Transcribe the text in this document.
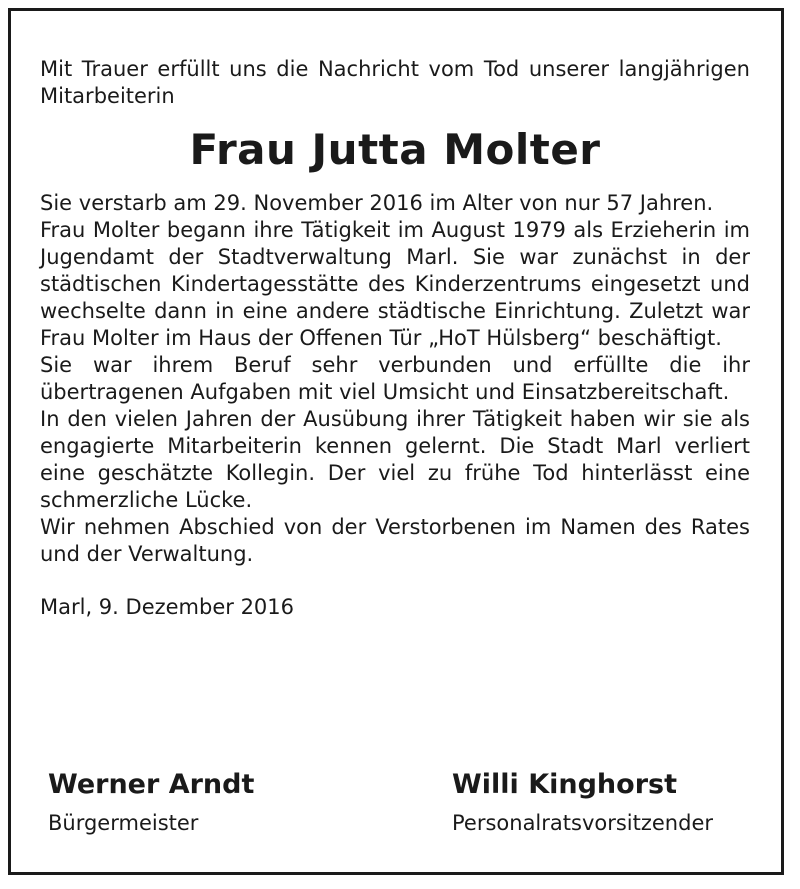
Mit Trauer erfüllt uns die Nachricht vom Tod unserer langjährigen Mitarbeiterin

Frau Jutta Molter

Sie verstarb am 29. November 2016 im Alter von nur 57 Jahren.

Frau Molter begann ihre Tätigkeit im August 1979 als Erzieherin im Jugendamt der Stadtverwaltung Marl. Sie war zunächst in der städtischen Kindertagesstätte des Kinderzentrums eingesetzt und wechselte dann in eine andere städtische Einrichtung. Zuletzt war Frau Molter im Haus der Offenen Tür „HoT Hülsberg“ beschäftigt.

Sie war ihrem Beruf sehr verbunden und erfüllte die ihr übertragenen Aufgaben mit viel Umsicht und Einsatzbereitschaft.

In den vielen Jahren der Ausübung ihrer Tätigkeit haben wir sie als engagierte Mitarbeiterin kennen gelernt. Die Stadt Marl verliert eine geschätzte Kollegin. Der viel zu frühe Tod hinterlässt eine schmerzliche Lücke.

Wir nehmen Abschied von der Verstorbenen im Namen des Rates und der Verwaltung.

Marl, 9. Dezember 2016

Werner Arndt
Bürgermeister
Willi Kinghorst
Personalratsvorsitzender
